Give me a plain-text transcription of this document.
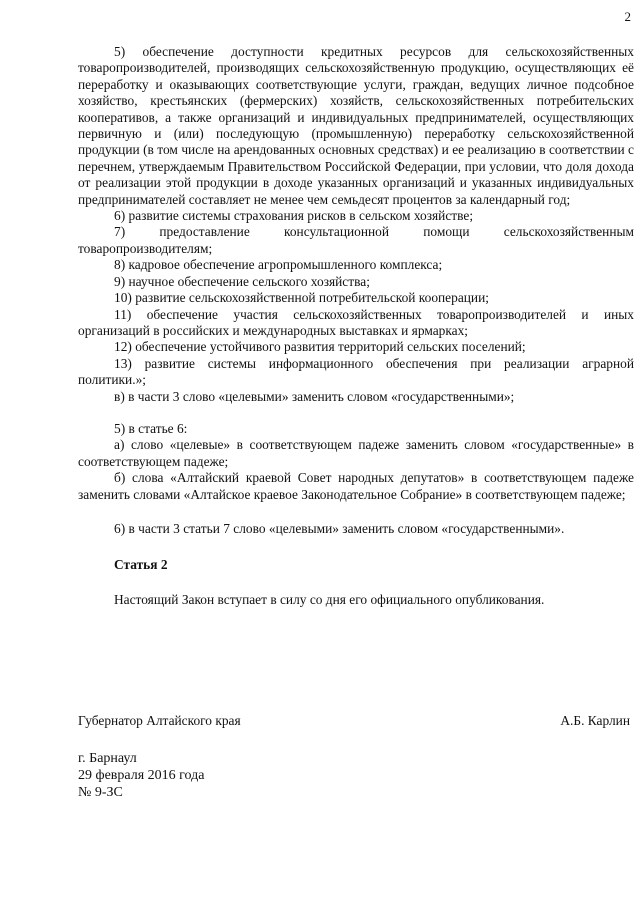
2

5) обеспечение доступности кредитных ресурсов для сельскохозяйственных товаропроизводителей, производящих сельскохозяйственную продукцию, осуществляющих её переработку и оказывающих соответствующие услуги, граждан, ведущих личное подсобное хозяйство, крестьянских (фермерских) хозяйств, сельскохозяйственных потребительских кооперативов, а также организаций и индивидуальных предпринимателей, осуществляющих первичную и (или) последующую (промышленную) переработку сельскохозяйственной продукции (в том числе на арендованных основных средствах) и ее реализацию в соответствии с перечнем, утверждаемым Правительством Российской Федерации, при условии, что доля дохода от реализации этой продукции в доходе указанных организаций и указанных индивидуальных предпринимателей составляет не менее чем семьдесят процентов за календарный год;

6) развитие системы страхования рисков в сельском хозяйстве;

7) предоставление консультационной помощи сельскохозяйственным товаропроизводителям;

8) кадровое обеспечение агропромышленного комплекса;

9) научное обеспечение сельского хозяйства;

10) развитие сельскохозяйственной потребительской кооперации;

11) обеспечение участия сельскохозяйственных товаропроизводителей и иных организаций в российских и международных выставках и ярмарках;

12) обеспечение устойчивого развития территорий сельских поселений;

13) развитие системы информационного обеспечения при реализации аграрной политики.»;

в) в части 3 слово «целевыми» заменить словом «государственными»;

5) в статье 6:

а) слово «целевые» в соответствующем падеже заменить словом «государственные» в соответствующем падеже;

б) слова «Алтайский краевой Совет народных депутатов» в соответствующем падеже заменить словами «Алтайское краевое Законодательное Собрание» в соответствующем падеже;

6) в части 3 статьи 7 слово «целевыми» заменить словом «государственными».

Статья 2

Настоящий Закон вступает в силу со дня его официального опубликования.

Губернатор Алтайского края	А.Б. Карлин
г. Барнаул
29 февраля 2016 года
№ 9-ЗС
